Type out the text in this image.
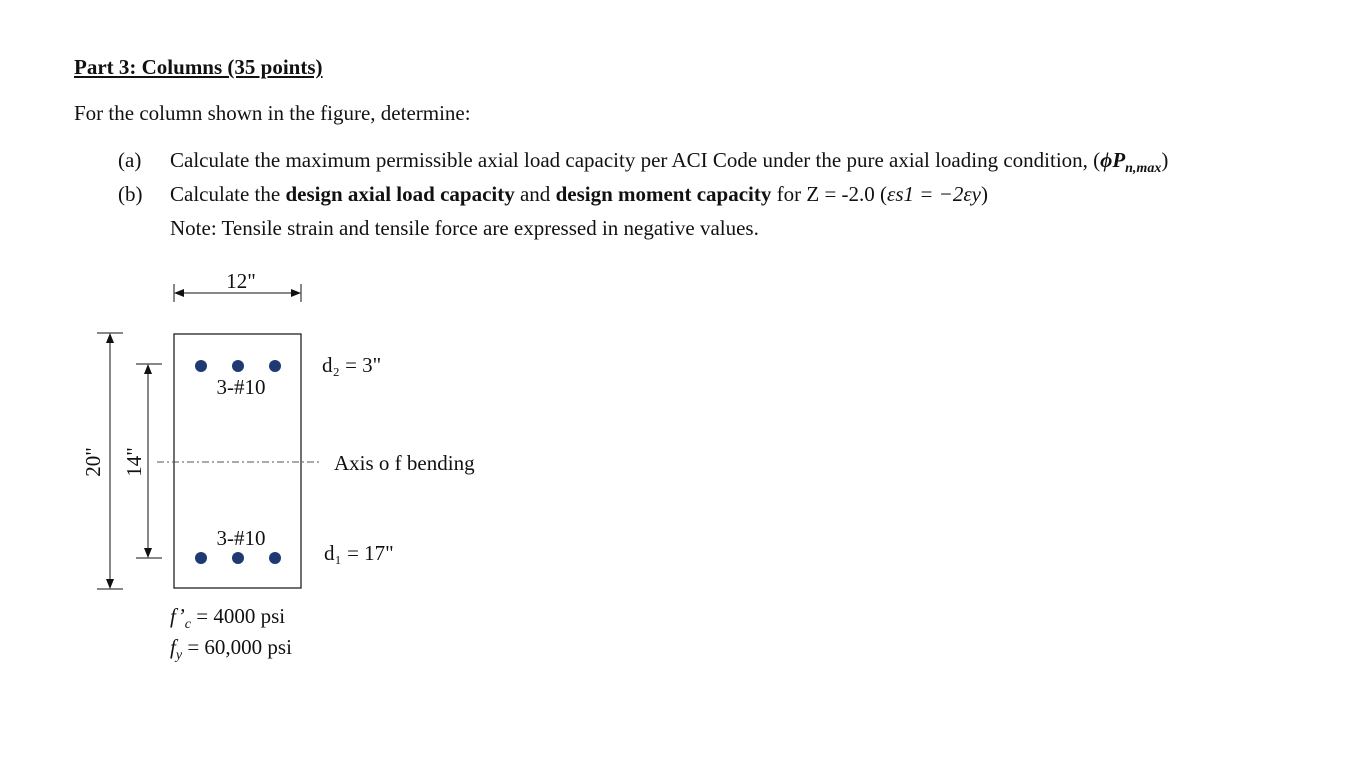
Part 3: Columns (35 points)
For the column shown in the figure, determine:
(a) Calculate the maximum permissible axial load capacity per ACI Code under the pure axial loading condition, $(\phi P_{n,max})$
(b) Calculate the design axial load capacity and design moment capacity for Z = -2.0 (εs1 = −2εy)
Note: Tensile strain and tensile force are expressed in negative values.
12"
3-#10
3-#10
Axis o f bending
d₂ = 3"
d₁ = 17"
20" 14"
$f’_c = 4000$ psi
$f_y = 60,000$ psi
